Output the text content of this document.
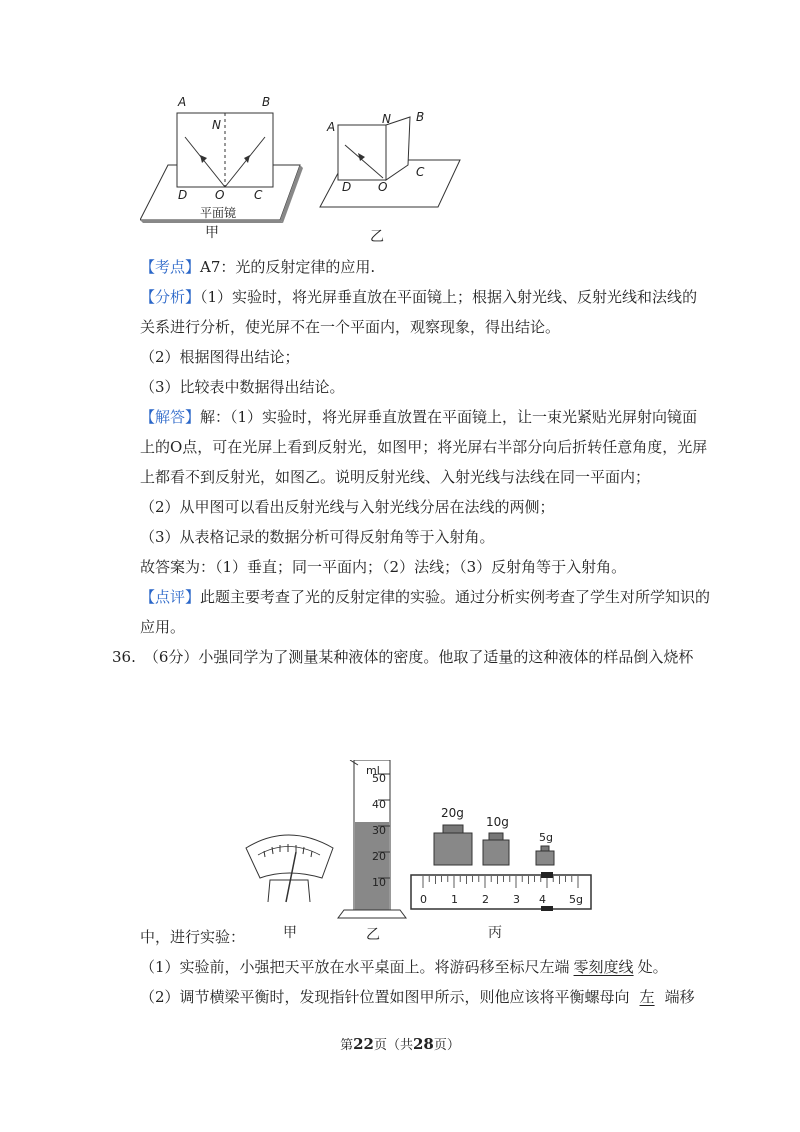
A	B
N
D O C
平面镜
甲
A
N B
D O
C
乙
【考点】A7：光的反射定律的应用.
【分析】（1）实验时，将光屏垂直放在平面镜上；根据入射光线、反射光线和法线的
关系进行分析，使光屏不在一个平面内，观察现象，得出结论。
（2）根据图得出结论；
（3）比较表中数据得出结论。
【解答】解：（1）实验时，将光屏垂直放置在平面镜上，让一束光紧贴光屏射向镜面
上的O点，可在光屏上看到反射光，如图甲；将光屏右半部分向后折转任意角度，光屏
上都看不到反射光，如图乙。说明反射光线、入射光线与法线在同一平面内；
（2）从甲图可以看出反射光线与入射光线分居在法线的两侧；
（3）从表格记录的数据分析可得反射角等于入射角。
故答案为：（1）垂直；同一平面内；（2）法线；（3）反射角等于入射角。
【点评】此题主要考查了光的反射定律的实验。通过分析实例考查了学生对所学知识的
应用。
36. （6分）小强同学为了测量某种液体的密度。他取了适量的这种液体的样品倒入烧杯
ml
50
40
30
20
10
20g
10g
5g
0 1 2 3 4 5g
甲	乙	丙
中，进行实验：
（1）实验前，小强把天平放在水平桌面上。将游码移至标尺左端 零刻度线 处。
（2）调节横梁平衡时，发现指针位置如图甲所示，则他应该将平衡螺母向 左 端移
第22页（共28页）
